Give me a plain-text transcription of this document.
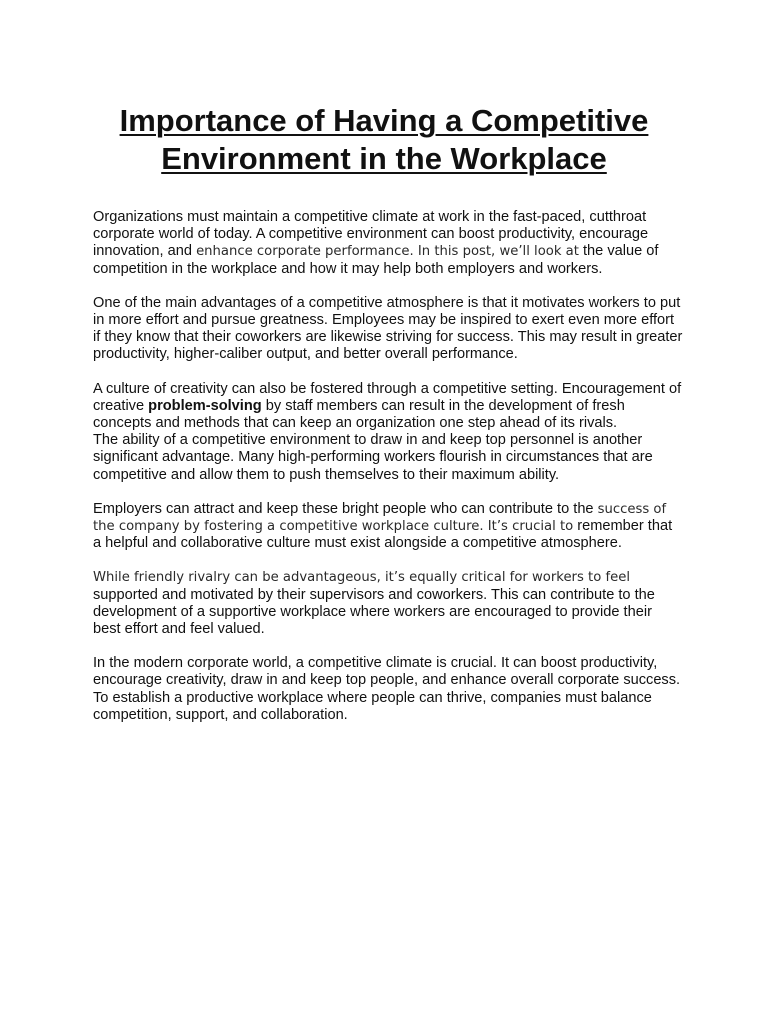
Importance of Having a Competitive
Environment in the Workplace

Organizations must maintain a competitive climate at work in the fast-paced, cutthroat corporate world of today. A competitive environment can boost productivity, encourage innovation, and enhance corporate performance. In this post, we’ll look at the value of competition in the workplace and how it may help both employers and workers.

One of the main advantages of a competitive atmosphere is that it motivates workers to put in more effort and pursue greatness. Employees may be inspired to exert even more effort if they know that their coworkers are likewise striving for success. This may result in greater productivity, higher-caliber output, and better overall performance.

A culture of creativity can also be fostered through a competitive setting. Encouragement of creative problem-solving by staff members can result in the development of fresh concepts and methods that can keep an organization one step ahead of its rivals.

The ability of a competitive environment to draw in and keep top personnel is another significant advantage. Many high-performing workers flourish in circumstances that are competitive and allow them to push themselves to their maximum ability.

Employers can attract and keep these bright people who can contribute to the success of the company by fostering a competitive workplace culture. It’s crucial to remember that a helpful and collaborative culture must exist alongside a competitive atmosphere.

While friendly rivalry can be advantageous, it’s equally critical for workers to feel supported and motivated by their supervisors and coworkers. This can contribute to the development of a supportive workplace where workers are encouraged to provide their best effort and feel valued.

In the modern corporate world, a competitive climate is crucial. It can boost productivity, encourage creativity, draw in and keep top people, and enhance overall corporate success. To establish a productive workplace where people can thrive, companies must balance competition, support, and collaboration.
